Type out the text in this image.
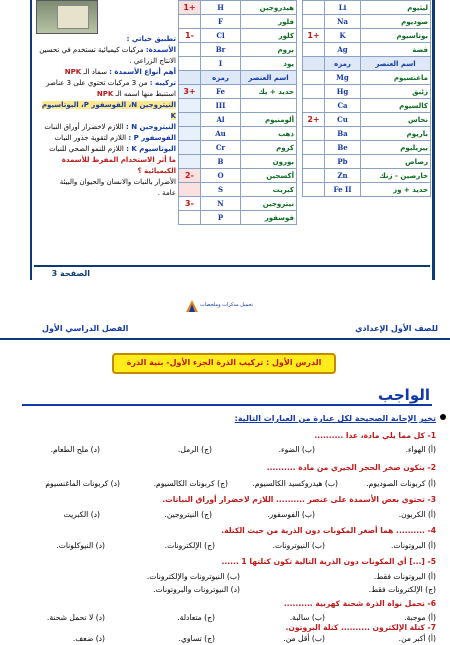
تطبيق حياتي :
الأسمدة: مركبات كيميائية تستخدم في تحسين
الانتاج الزراعي .
أهم أنواع الأسمدة : سماد الـ NPK
تركيبه : من 3 مركبات تحتوي على 3 عناصر
استنبط منها اسمه الـ NPK
النيتروجين N، الفوسفور P، البوتاسيوم K
النيتروجين N : اللازم لاخضرار أوراق النبات
الفوسفور P : اللازم لتقوية جذور النبات
البوتاسيوم K : اللازم للنمو الصحي للنبات
ما أثر الاستخدام المفرط للأسمدة الكيميائية ؟
الأضرار بالنبات والانسان والحيوان والبيئة
عامة .
1+	H	هيدروجين
	F	فلور
1-	Cl	كلور
	Br	بروم
	I	يود
	رمزه	اسم العنصر
3+	Fe	حديد + يك
	III	
	Al	ألومنيوم
	Au	ذهب
	Cr	كروم
	B	بورون
2-	O	أكسجين
	S	كبريت
3-	N	نيتروجين
	P	فوسفور
	Li	ليثيوم
	Na	صوديوم
1+	K	بوتاسيوم
	Ag	فضة
	رمزه	اسم العنصر
	Mg	ماغنسيوم
	Hg	زئبق
	Ca	كالسيوم
2+	Cu	نحاس
	Ba	باريوم
	Be	بيريليوم
	Pb	رصاص
	Zn	خارصين - زنك
	Fe II	حديد + وز
الصفحة 3
تحميل مذكرات وملخصات
للصف الأول الإعدادي
الفصل الدراسي الأول
الدرس الأول : تركيب الذرة الجزء الأول- بنية الذرة
الواجب
تخير الإجابة الصحيحة لكل عبارة من العبارات التالية:
1- كل مما يلي مادة، عدا ..........
(أ) الهواء.
(ب) الضوء.
(ج) الرمل.
(د) ملح الطعام.
2- يتكون صخر الحجر الجيري من مادة ..........
(أ) كربونات الصوديوم.
(ب) هيدروكسيد الكالسيوم.
(ج) كربونات الكالسيوم.
(د) كربونات الماغنسيوم
3- تحتوي بعض الأسمدة على عنصر .......... اللازم لاخضرار أوراق النباتات.
(أ) الكربون.
(ب) الفوسفور.
(ج) النيتروجين.
(د) الكبريت
4- .......... هما أصغر المكونات دون الذرية من حيث الكتلة.
(أ) البروتونات.
(ب) النيوترونات.
(ج) الإلكترونات.
(د) النيوكلونات.
5- [...] أي المكونات دون الذرية التالية تكون كتلتها 1 ......
(أ) البروتونات فقط.
(ب) النيوترونات والإلكترونات.
(ج) الإلكترونات فقط.
(د) النيوترونات والبروتونات.
6- تحمل نواة الذرة شحنة كهربية ..........
(أ) موجبة.
(ب) سالبة.
(ج) متعادلة.
(د) لا تحمل شحنة.
7- كتلة الإلكترون .......... كتلة البروتون.
(أ) أكبر من.
(ب) أقل من.
(ج) تساوي.
(د) ضعف.
